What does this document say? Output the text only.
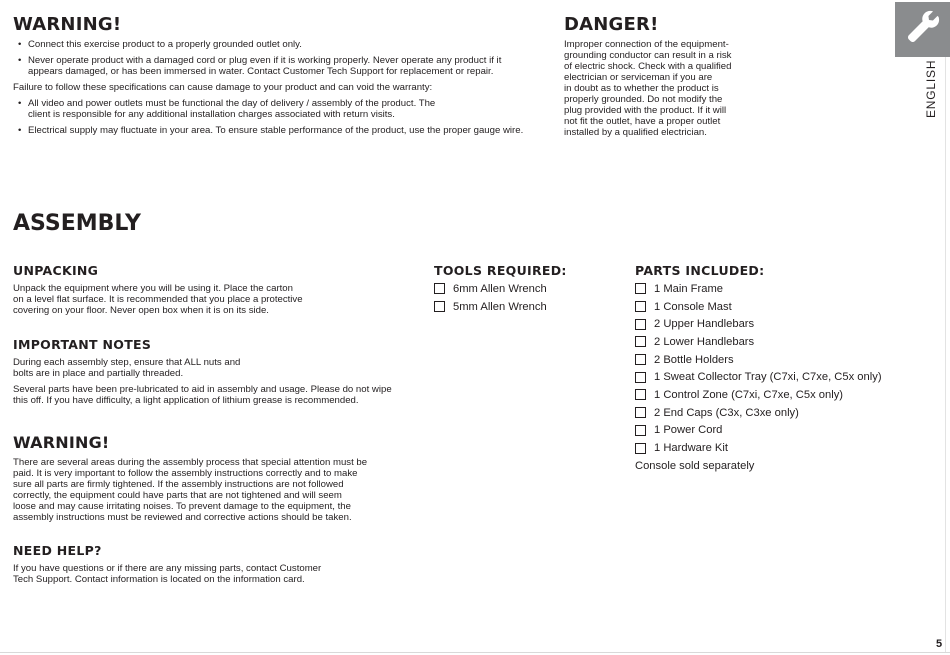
WARNING!
• Connect this exercise product to a properly grounded outlet only.
• Never operate product with a damaged cord or plug even if it is working properly. Never operate any product if it appears damaged, or has been immersed in water. Contact Customer Tech Support for replacement or repair.

Failure to follow these specifications can cause damage to your product and can void the warranty:

• All video and power outlets must be functional the day of delivery / assembly of the product. The client is responsible for any additional installation charges associated with return visits.
• Electrical supply may fluctuate in your area. To ensure stable performance of the product, use the proper gauge wire.
DANGER!
Improper connection of the equipment-
grounding conductor can result in a risk
of electric shock. Check with a qualified
electrician or serviceman if you are
in doubt as to whether the product is
properly grounded. Do not modify the
plug provided with the product. If it will
not fit the outlet, have a proper outlet
installed by a qualified electrician.
ENGLISH
ASSEMBLY
UNPACKING
Unpack the equipment where you will be using it. Place the carton
on a level flat surface. It is recommended that you place a protective
covering on your floor. Never open box when it is on its side.
IMPORTANT NOTES
During each assembly step, ensure that ALL nuts and
bolts are in place and partially threaded.
Several parts have been pre-lubricated to aid in assembly and usage. Please do not wipe
this off. If you have difficulty, a light application of lithium grease is recommended.
WARNING!
There are several areas during the assembly process that special attention must be
paid. It is very important to follow the assembly instructions correctly and to make
sure all parts are firmly tightened. If the assembly instructions are not followed
correctly, the equipment could have parts that are not tightened and will seem
loose and may cause irritating noises. To prevent damage to the equipment, the
assembly instructions must be reviewed and corrective actions should be taken.
NEED HELP?
If you have questions or if there are any missing parts, contact Customer
Tech Support. Contact information is located on the information card.
TOOLS REQUIRED:
6mm Allen Wrench
5mm Allen Wrench
PARTS INCLUDED:
1 Main Frame
1 Console Mast
2 Upper Handlebars
2 Lower Handlebars
2 Bottle Holders
1 Sweat Collector Tray (C7xi, C7xe, C5x only)
1 Control Zone (C7xi, C7xe, C5x only)
2 End Caps (C3x, C3xe only)
1 Power Cord
1 Hardware Kit
Console sold separately
5
